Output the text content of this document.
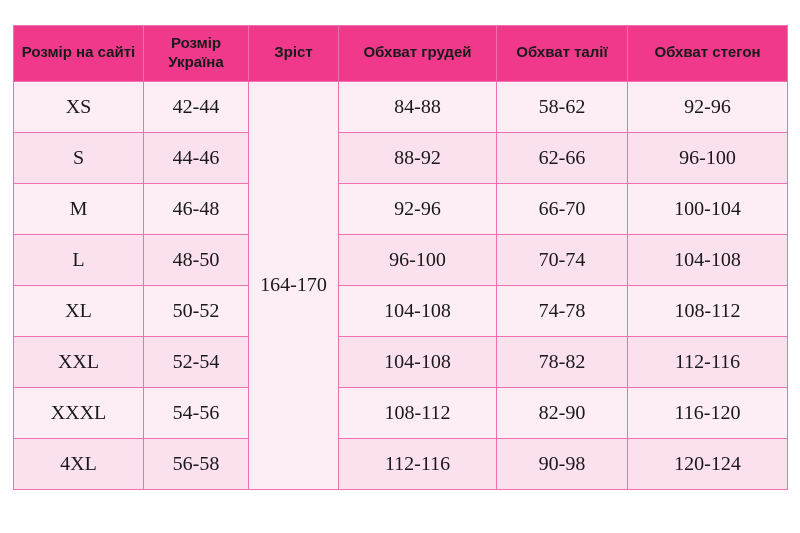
Розмір на сайті	Розмір Україна	Зріст	Обхват грудей	Обхват талії	Обхват стегон
XS	42-44	164-170	84-88	58-62	92-96
S	44-46		88-92	62-66	96-100
M	46-48		92-96	66-70	100-104
L	48-50		96-100	70-74	104-108
XL	50-52		104-108	74-78	108-112
XXL	52-54		104-108	78-82	112-116
XXXL	54-56		108-112	82-90	116-120
4XL	56-58		112-116	90-98	120-124
